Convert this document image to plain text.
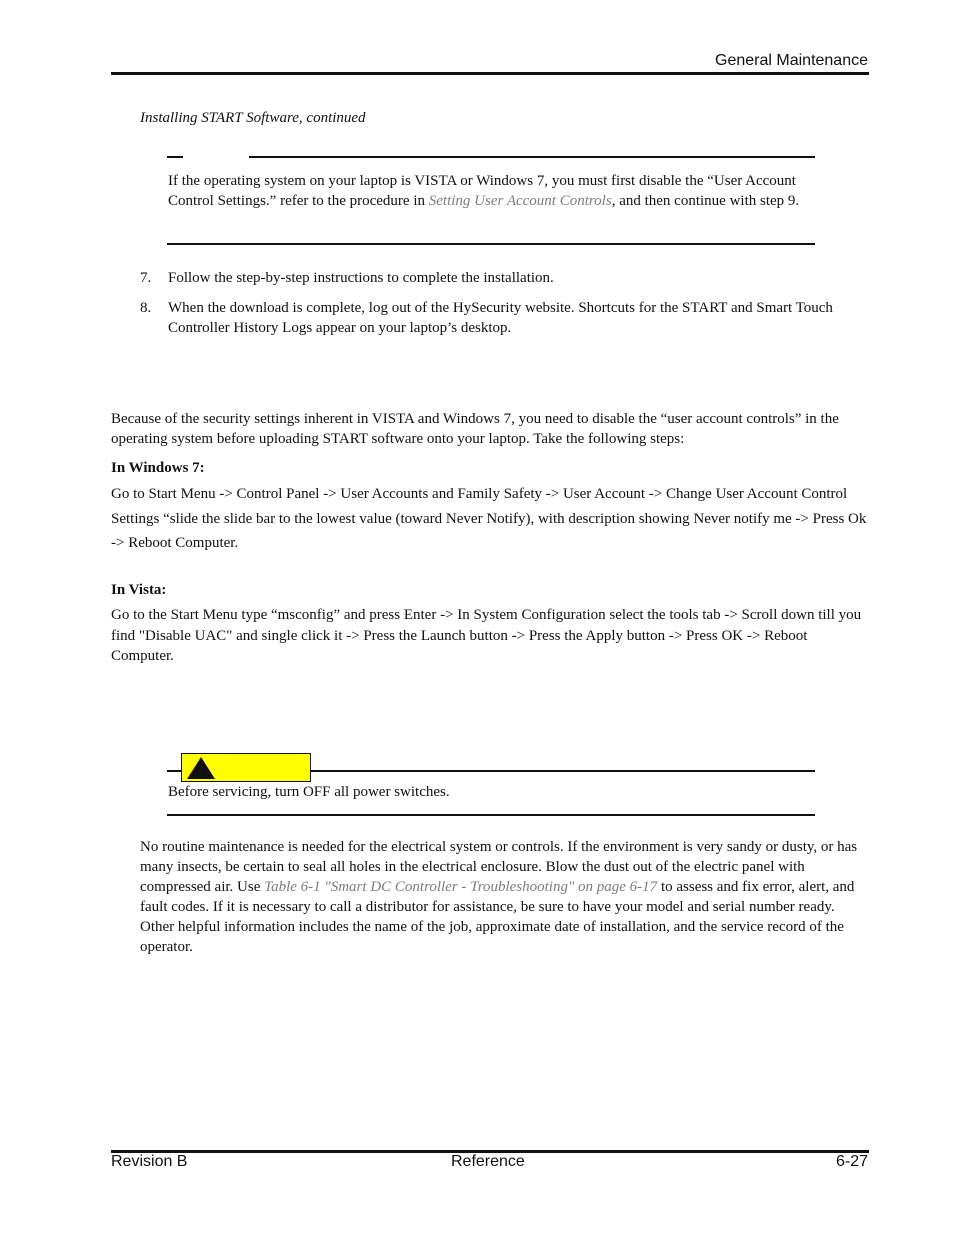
General Maintenance
Installing START Software, continued
If the operating system on your laptop is VISTA or Windows 7, you must first disable the “User Account Control Settings.” refer to the procedure in Setting User Account Controls, and then continue with step 9.
7. Follow the step-by-step instructions to complete the installation.
8. When the download is complete, log out of the HySecurity website. Shortcuts for the START and Smart Touch Controller History Logs appear on your laptop’s desktop.
Because of the security settings inherent in VISTA and Windows 7, you need to disable the “user account controls” in the operating system before uploading START software onto your laptop. Take the following steps:
In Windows 7:
Go to Start Menu -> Control Panel -> User Accounts and Family Safety -> User Account -> Change User Account Control Settings “slide the slide bar to the lowest value (toward Never Notify), with description showing Never notify me -> Press Ok -> Reboot Computer.
In Vista:
Go to the Start Menu type “msconfig” and press Enter -> In System Configuration select the tools tab -> Scroll down till you find "Disable UAC" and single click it -> Press the Launch button -> Press the Apply button -> Press OK -> Reboot Computer.
Before servicing, turn OFF all power switches.
No routine maintenance is needed for the electrical system or controls. If the environment is very sandy or dusty, or has many insects, be certain to seal all holes in the electrical enclosure. Blow the dust out of the electric panel with compressed air. Use Table 6-1 "Smart DC Controller - Troubleshooting" on page 6-17 to assess and fix error, alert, and fault codes. If it is necessary to call a distributor for assistance, be sure to have your model and serial number ready. Other helpful information includes the name of the job, approximate date of installation, and the service record of the operator.
Revision B	Reference	6-27
